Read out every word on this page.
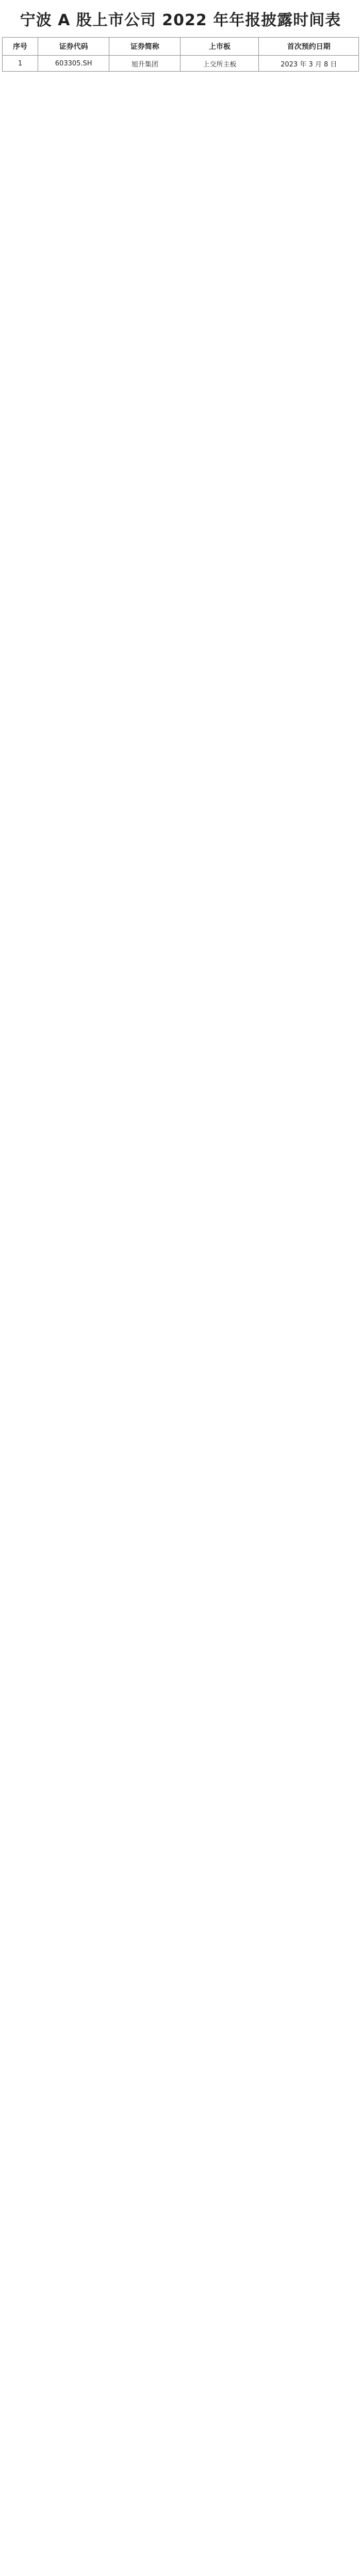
宁波 A 股上市公司 2022 年年报披露时间表
序号	证券代码	证券简称	上市板	首次预约日期
1	603305.SH	旭升集团	上交所主板	2023 年 3 月 8 日
